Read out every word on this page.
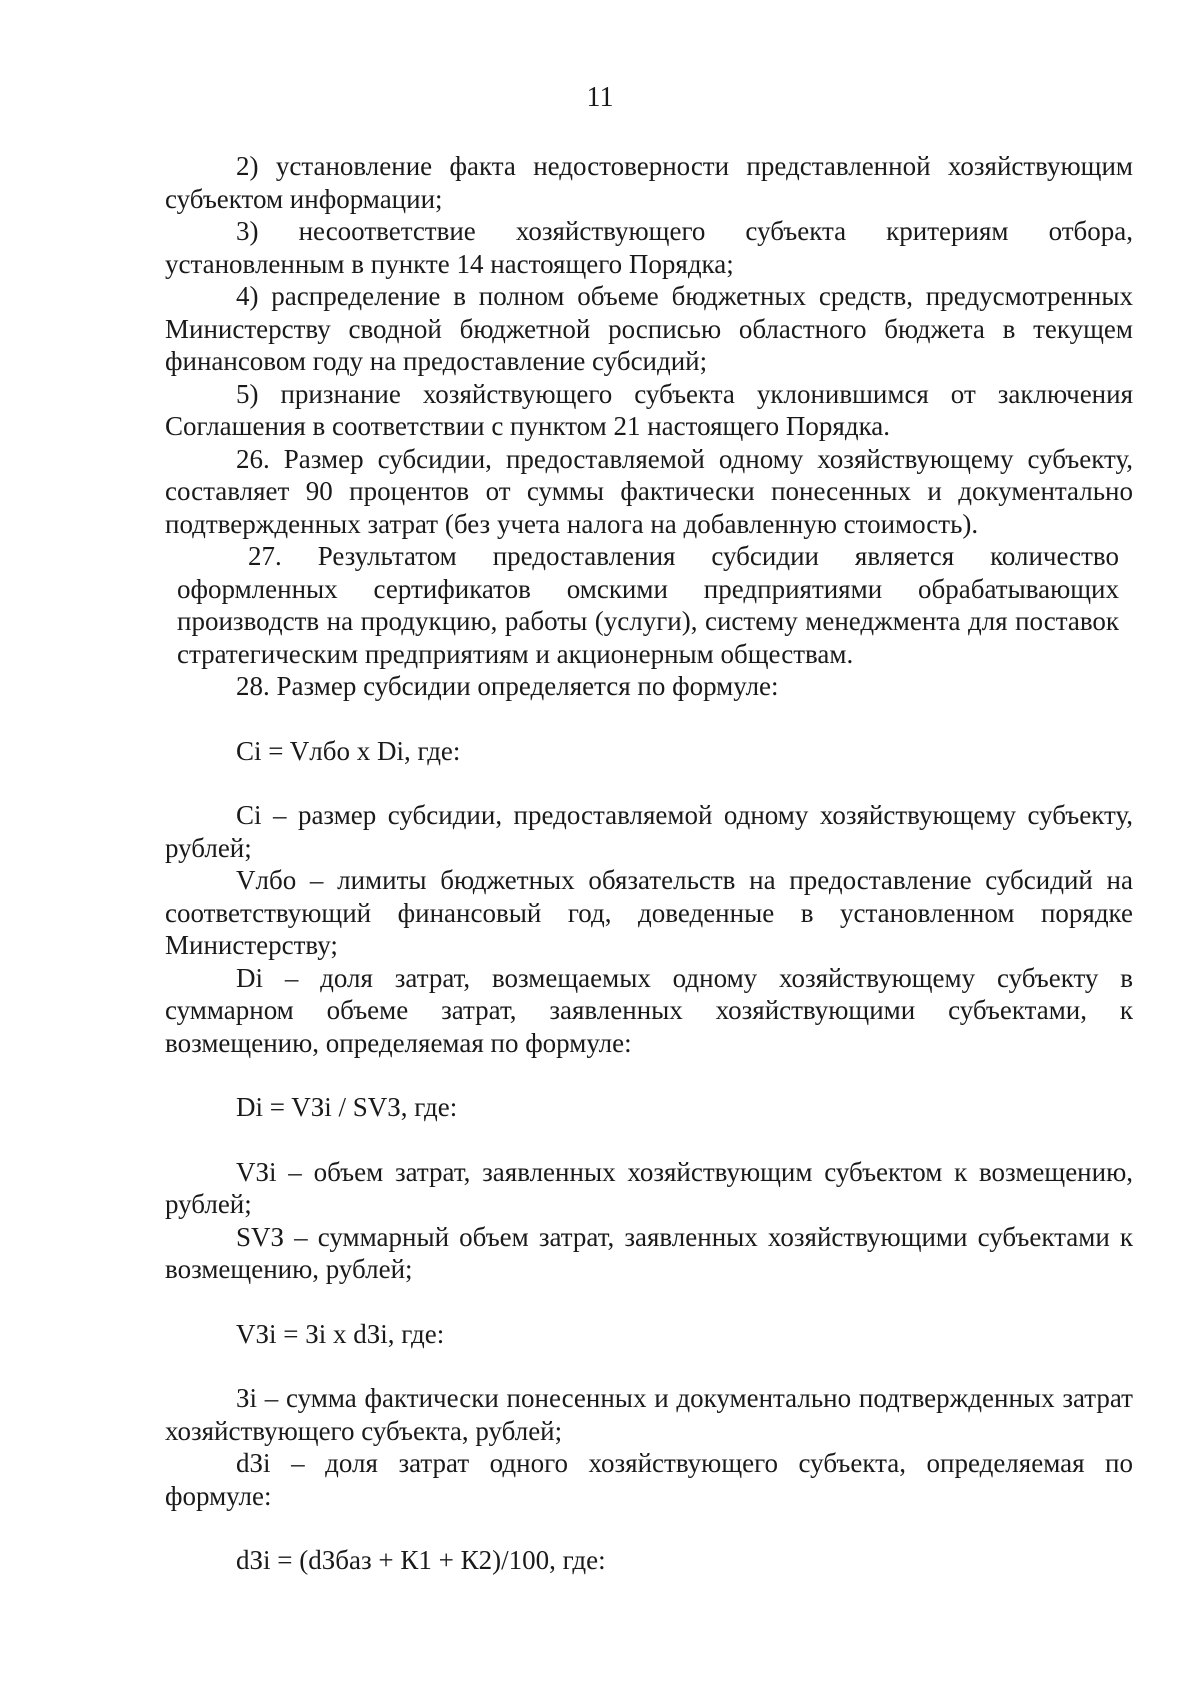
11

2) установление факта недостоверности представленной хозяйствующим субъектом информации;

3) несоответствие хозяйствующего субъекта критериям отбора, установленным в пункте 14 настоящего Порядка;

4) распределение в полном объеме бюджетных средств, предусмотренных Министерству сводной бюджетной росписью областного бюджета в текущем финансовом году на предоставление субсидий;

5) признание хозяйствующего субъекта уклонившимся от заключения Соглашения в соответствии с пунктом 21 настоящего Порядка.

26. Размер субсидии, предоставляемой одному хозяйствующему субъекту, составляет 90 процентов от суммы фактически понесенных и документально подтвержденных затрат (без учета налога на добавленную стоимость).

27. Результатом предоставления субсидии является количество оформленных сертификатов омскими предприятиями обрабатывающих производств на продукцию, работы (услуги), систему менеджмента для поставок стратегическим предприятиям и акционерным обществам.

28. Размер субсидии определяется по формуле:

Ci = Vлбо x Di, где:

Ci – размер субсидии, предоставляемой одному хозяйствующему субъекту, рублей;

Vлбо – лимиты бюджетных обязательств на предоставление субсидий на соответствующий финансовый год, доведенные в установленном порядке Министерству;

Di – доля затрат, возмещаемых одному хозяйствующему субъекту в суммарном объеме затрат, заявленных хозяйствующими субъектами, к возмещению, определяемая по формуле:

Di = VЗi / SVЗ, где:

VЗi – объем затрат, заявленных хозяйствующим субъектом к возмещению, рублей;

SVЗ – суммарный объем затрат, заявленных хозяйствующими субъектами к возмещению, рублей;

VЗi = Зi x dЗi, где:

Зi – сумма фактически понесенных и документально подтвержденных затрат хозяйствующего субъекта, рублей;

dЗi – доля затрат одного хозяйствующего субъекта, определяемая по формуле:

dЗi = (dЗбаз + К1 + К2)/100, где:
